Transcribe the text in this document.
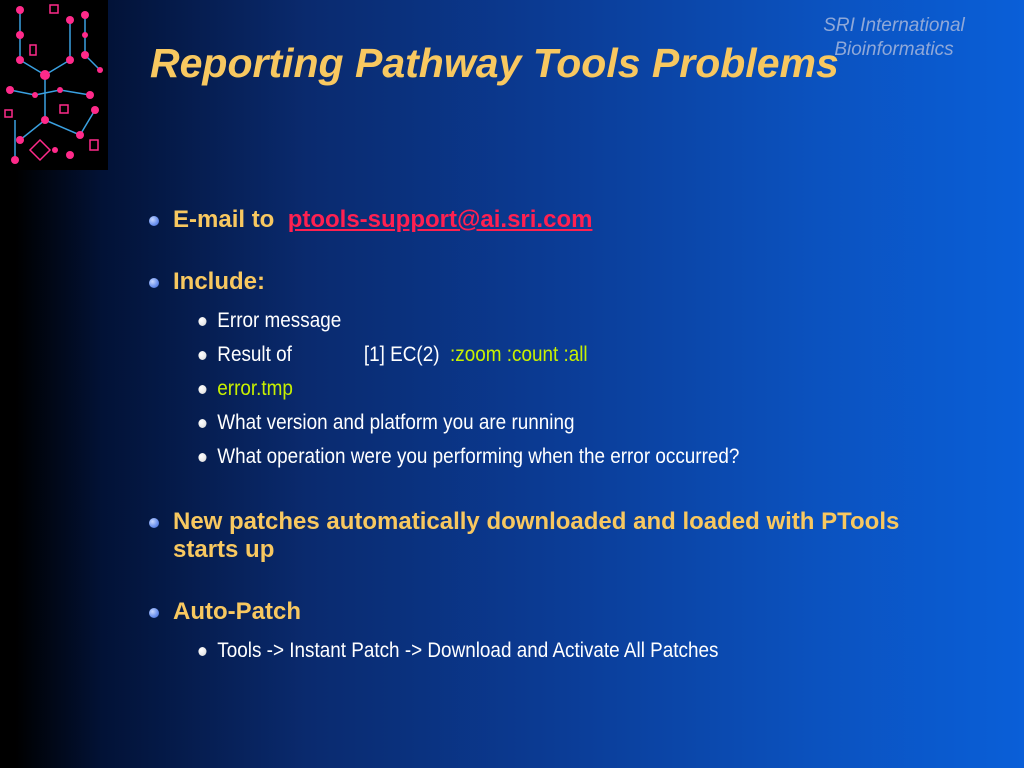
SRI International
Bioinformatics
Reporting Pathway Tools Problems
E-mail to ptools-support@ai.sri.com
Include:
Error message
Result of	[1] EC(2) :zoom :count :all
error.tmp
What version and platform you are running
What operation were you performing when the error occurred?
New patches automatically downloaded and loaded with PTools starts up
Auto-Patch
Tools -> Instant Patch -> Download and Activate All Patches
